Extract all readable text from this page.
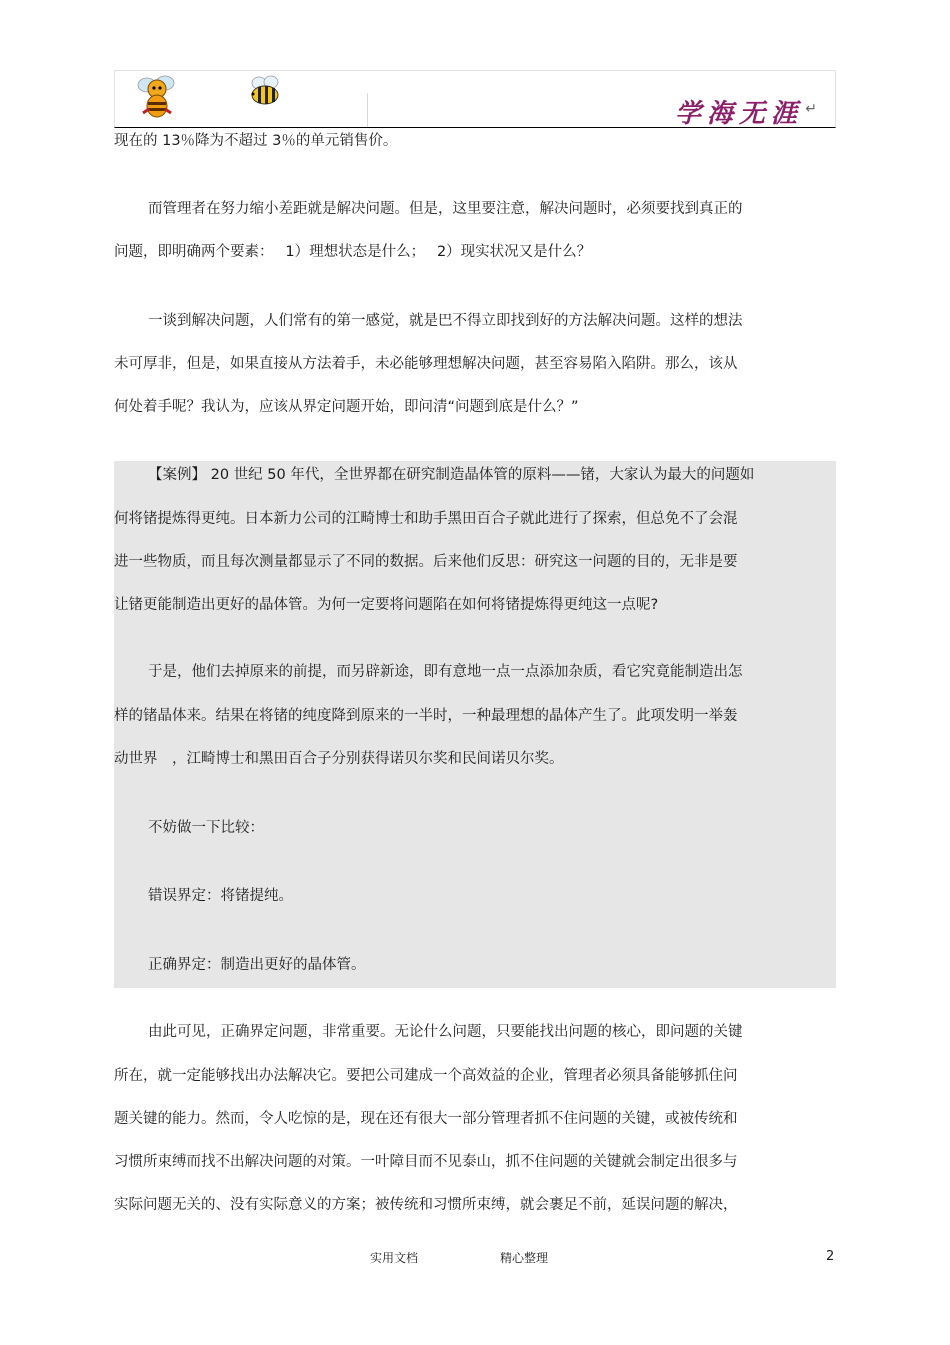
学海无涯 ↵
现在的 13％降为不超过 3％的单元销售价。
而管理者在努力缩小差距就是解决问题。但是，这里要注意，解决问题时，必须要找到真正的
问题，即明确两个要素：　 1）理想状态是什么；　 2）现实状况又是什么？
一谈到解决问题，人们常有的第一感觉，就是巴不得立即找到好的方法解决问题。这样的想法
未可厚非，但是，如果直接从方法着手，未必能够理想解决问题，甚至容易陷入陷阱。那么，该从
何处着手呢？我认为，应该从界定问题开始，即问清“问题到底是什么？”
【案例】 20 世纪 50 年代，全世界都在研究制造晶体管的原料——锗，大家认为最大的问题如
何将锗提炼得更纯。日本新力公司的江畸博士和助手黑田百合子就此进行了探索，但总免不了会混
进一些物质，而且每次测量都显示了不同的数据。后来他们反思：研究这一问题的目的，无非是要
让锗更能制造出更好的晶体管。为何一定要将问题陷在如何将锗提炼得更纯这一点呢?
于是，他们去掉原来的前提，而另辟新途，即有意地一点一点添加杂质，看它究竟能制造出怎
样的锗晶体来。结果在将锗的纯度降到原来的一半时，一种最理想的晶体产生了。此项发明一举轰
动世界　，江畸博士和黑田百合子分别获得诺贝尔奖和民间诺贝尔奖。
不妨做一下比较：
错误界定：将锗提纯。
正确界定：制造出更好的晶体管。
由此可见，正确界定问题，非常重要。无论什么问题，只要能找出问题的核心，即问题的关键
所在，就一定能够找出办法解决它。要把公司建成一个高效益的企业，管理者必须具备能够抓住问
题关键的能力。然而，令人吃惊的是，现在还有很大一部分管理者抓不住问题的关键，或被传统和
习惯所束缚而找不出解决问题的对策。一叶障目而不见泰山，抓不住问题的关键就会制定出很多与
实际问题无关的、没有实际意义的方案；被传统和习惯所束缚，就会裹足不前，延误问题的解决，
实用文档	精心整理	2
